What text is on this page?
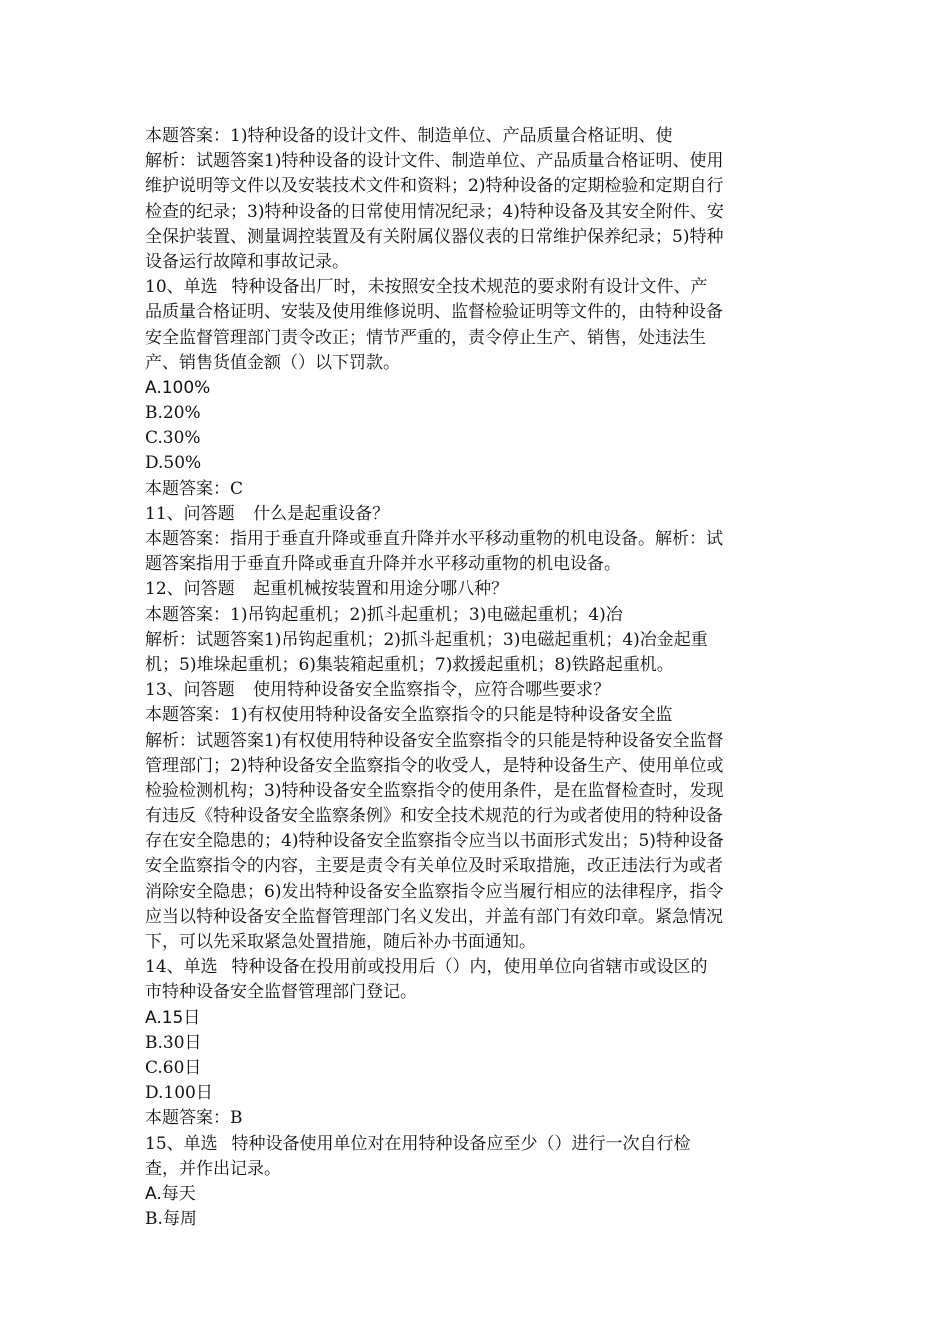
本题答案：1)特种设备的设计文件、制造单位、产品质量合格证明、使
解析：试题答案1)特种设备的设计文件、制造单位、产品质量合格证明、使用
维护说明等文件以及安装技术文件和资料；2)特种设备的定期检验和定期自行
检查的纪录；3)特种设备的日常使用情况纪录；4)特种设备及其安全附件、安
全保护装置、测量调控装置及有关附属仪器仪表的日常维护保养纪录；5)特种
设备运行故障和事故记录。
10、单选	特种设备出厂时，未按照安全技术规范的要求附有设计文件、产
品质量合格证明、安装及使用维修说明、监督检验证明等文件的，由特种设备
安全监督管理部门责令改正；情节严重的，责令停止生产、销售，处违法生
产、销售货值金额（）以下罚款。
A.100%
B.20%
C.30%
D.50%
本题答案：C
11、问答题	什么是起重设备？
本题答案：指用于垂直升降或垂直升降并水平移动重物的机电设备。解析：试
题答案指用于垂直升降或垂直升降并水平移动重物的机电设备。
12、问答题	起重机械按装置和用途分哪八种？
本题答案：1)吊钩起重机；2)抓斗起重机；3)电磁起重机；4)冶
解析：试题答案1)吊钩起重机；2)抓斗起重机；3)电磁起重机；4)冶金起重
机；5)堆垛起重机；6)集装箱起重机；7)救援起重机；8)铁路起重机。
13、问答题	使用特种设备安全监察指令，应符合哪些要求？
本题答案：1)有权使用特种设备安全监察指令的只能是特种设备安全监
解析：试题答案1)有权使用特种设备安全监察指令的只能是特种设备安全监督
管理部门；2)特种设备安全监察指令的收受人，是特种设备生产、使用单位或
检验检测机构；3)特种设备安全监察指令的使用条件，是在监督检查时，发现
有违反《特种设备安全监察条例》和安全技术规范的行为或者使用的特种设备
存在安全隐患的；4)特种设备安全监察指令应当以书面形式发出；5)特种设备
安全监察指令的内容，主要是责令有关单位及时采取措施，改正违法行为或者
消除安全隐患；6)发出特种设备安全监察指令应当履行相应的法律程序，指令
应当以特种设备安全监督管理部门名义发出，并盖有部门有效印章。紧急情况
下，可以先采取紧急处置措施，随后补办书面通知。
14、单选	特种设备在投用前或投用后（）内，使用单位向省辖市或设区的
市特种设备安全监督管理部门登记。
A.15日
B.30日
C.60日
D.100日
本题答案：B
15、单选	特种设备使用单位对在用特种设备应至少（）进行一次自行检
查，并作出记录。
A.每天
B.每周
